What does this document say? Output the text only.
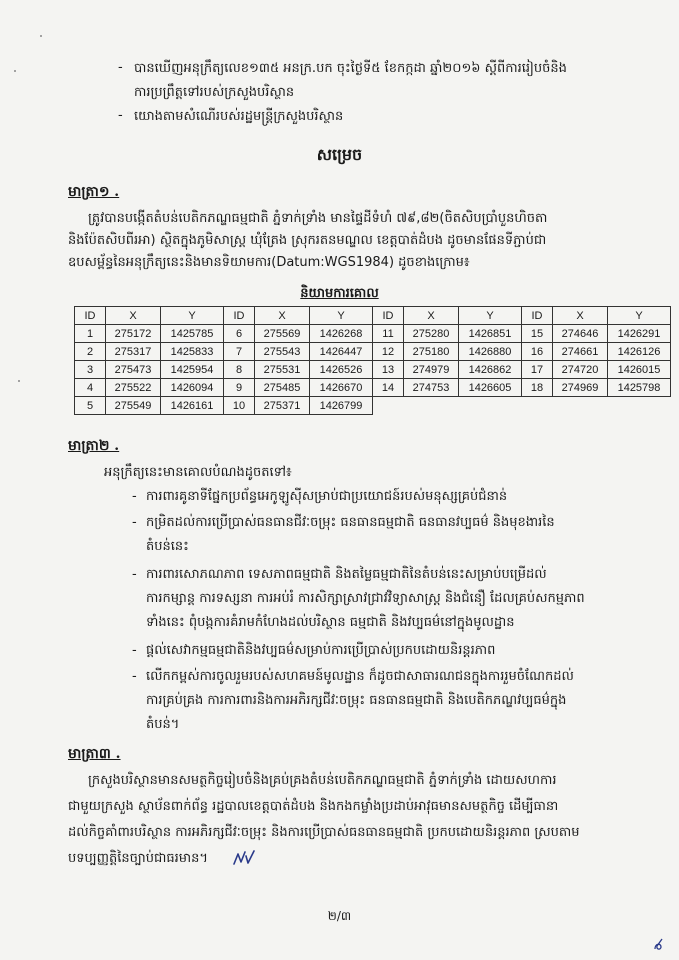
- បានឃើញអនុក្រឹត្យលេខ១៣៥ អនក្រ.បក ចុះថ្ងៃទី៥ ខែកក្កដា ឆ្នាំ២០១៦ ស្តីពីការរៀបចំនិង
ការប្រព្រឹត្តទៅរបស់ក្រសួងបរិស្ថាន
- យោងតាមសំណើរបស់រដ្ឋមន្ត្រីក្រសួងបរិស្ថាន
សម្រេច
មាត្រា១ .
ត្រូវបានបង្កើតតំបន់បេតិកភណ្ឌធម្មជាតិ ភ្នំទាក់ទ្រាំង មានផ្ទៃដីទំហំ ៧៩,៨២(ចិតសិបប្រាំបួនហិចតា
និងប៉ែតសិបពីរអា) ស្ថិតក្នុងភូមិសាស្ត្រ ឃុំត្រែង ស្រុករតនមណ្ឌល ខេត្តបាត់ដំបង ដូចមានផែនទីភ្ជាប់ជា
ឧបសម្ព័ន្ធនៃអនុក្រឹត្យនេះនិងមានទិយាមការ(Datum:WGS1984) ដូចខាងក្រោម៖
និយាមការគោល
ID	X	Y	ID	X	Y	ID	X	Y	ID	X	Y
1	275172	1425785	6	275569	1426268	11	275280	1426851	15	274646	1426291
2	275317	1425833	7	275543	1426447	12	275180	1426880	16	274661	1426126
3	275473	1425954	8	275531	1426526	13	274979	1426862	17	274720	1426015
4	275522	1426094	9	275485	1426670	14	274753	1426605	18	274969	1425798
5	275549	1426161	10	275371	1426799						
មាត្រា២ .
អនុក្រឹត្យនេះមានគោលបំណងដូចតទៅ៖
- ការពារគូនាទីផ្នែកប្រព័ន្ធអេកូឡូស៊ីសម្រាប់ជាប្រយោជន៍របស់មនុស្សគ្រប់ជំនាន់
- កម្រិតដល់ការប្រើប្រាស់ធនធានជីវៈចម្រុះ ធនធានធម្មជាតិ ធនធានវប្បធម៌ និងមុខងារនៃ
តំបន់នេះ
- ការពារសោភណភាព ទេសភាពធម្មជាតិ និងតម្លៃធម្មជាតិនៃតំបន់នេះសម្រាប់បម្រើដល់
ការកម្សាន្ត ការទស្សនា ការអប់រំ ការសិក្សាស្រាវជ្រាវវិទ្យាសាស្ត្រ និងជំនឿ ដែលគ្រប់សកម្មភាព
ទាំងនេះ ពុំបង្កការគំរាមកំហែងដល់បរិស្ថាន ធម្មជាតិ និងវប្បធម៌នៅក្នុងមូលដ្ឋាន
- ផ្តល់សេវាកម្មធម្មជាតិនិងវប្បធម៌សម្រាប់ការប្រើប្រាស់ប្រកបដោយនិរន្តរភាព
- លើកកម្ពស់ការចូលរួមរបស់សហគមន៍មូលដ្ឋាន ក៏ដូចជាសាធារណជនក្នុងការរួមចំណែកដល់
ការគ្រប់គ្រង ការការពារនិងការអភិរក្សជីវៈចម្រុះ ធនធានធម្មជាតិ និងបេតិកភណ្ឌវប្បធម៌ក្នុង
តំបន់។
មាត្រា៣ .
ក្រសួងបរិស្ថានមានសមត្ថកិច្ចរៀបចំនិងគ្រប់គ្រងតំបន់បេតិកភណ្ឌធម្មជាតិ ភ្នំទាក់ទ្រាំង ដោយសហការ
ជាមួយក្រសួង ស្ថាប័នពាក់ព័ន្ធ រដ្ឋបាលខេត្តបាត់ដំបង និងកងកម្លាំងប្រដាប់អាវុធមានសមត្ថកិច្ច ដើម្បីធានា
ដល់កិច្ចគាំពារបរិស្ថាន ការអភិរក្សជីវៈចម្រុះ និងការប្រើប្រាស់ធនធានធម្មជាតិ ប្រកបដោយនិរន្តរភាព ស្របតាម
បទប្បញ្ញត្តិនៃច្បាប់ជាធរមាន។
២/៣
